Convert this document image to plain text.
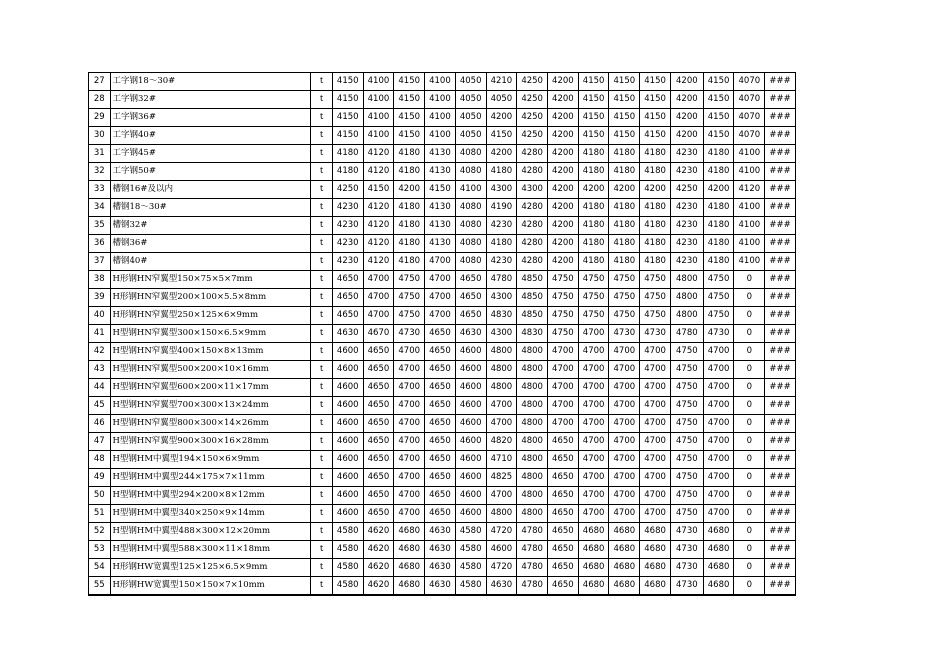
27	工字钢18～30#	t	4150	4100	4150	4100	4050	4210	4250	4200	4150	4150	4150	4200	4150	4070	###
28	工字钢32#	t	4150	4100	4150	4100	4050	4050	4250	4200	4150	4150	4150	4200	4150	4070	###
29	工字钢36#	t	4150	4100	4150	4100	4050	4200	4250	4200	4150	4150	4150	4200	4150	4070	###
30	工字钢40#	t	4150	4100	4150	4100	4050	4150	4250	4200	4150	4150	4150	4200	4150	4070	###
31	工字钢45#	t	4180	4120	4180	4130	4080	4200	4280	4200	4180	4180	4180	4230	4180	4100	###
32	工字钢50#	t	4180	4120	4180	4130	4080	4180	4280	4200	4180	4180	4180	4230	4180	4100	###
33	槽钢16#及以内	t	4250	4150	4200	4150	4100	4300	4300	4200	4200	4200	4200	4250	4200	4120	###
34	槽钢18～30#	t	4230	4120	4180	4130	4080	4190	4280	4200	4180	4180	4180	4230	4180	4100	###
35	槽钢32#	t	4230	4120	4180	4130	4080	4230	4280	4200	4180	4180	4180	4230	4180	4100	###
36	槽钢36#	t	4230	4120	4180	4130	4080	4180	4280	4200	4180	4180	4180	4230	4180	4100	###
37	槽钢40#	t	4230	4120	4180	4700	4080	4230	4280	4200	4180	4180	4180	4230	4180	4100	###
38	H形钢HN窄翼型150×75×5×7mm	t	4650	4700	4750	4700	4650	4780	4850	4750	4750	4750	4750	4800	4750	0	###
39	H形钢HN窄翼型200×100×5.5×8mm	t	4650	4700	4750	4700	4650	4300	4850	4750	4750	4750	4750	4800	4750	0	###
40	H形钢HN窄翼型250×125×6×9mm	t	4650	4700	4750	4700	4650	4830	4850	4750	4750	4750	4750	4800	4750	0	###
41	H型钢HN窄翼型300×150×6.5×9mm	t	4630	4670	4730	4650	4630	4300	4830	4750	4700	4730	4730	4780	4730	0	###
42	H型钢HN窄翼型400×150×8×13mm	t	4600	4650	4700	4650	4600	4800	4800	4700	4700	4700	4700	4750	4700	0	###
43	H型钢HN窄翼型500×200×10×16mm	t	4600	4650	4700	4650	4600	4800	4800	4700	4700	4700	4700	4750	4700	0	###
44	H型钢HN窄翼型600×200×11×17mm	t	4600	4650	4700	4650	4600	4800	4800	4700	4700	4700	4700	4750	4700	0	###
45	H型钢HN窄翼型700×300×13×24mm	t	4600	4650	4700	4650	4600	4700	4800	4700	4700	4700	4700	4750	4700	0	###
46	H型钢HN窄翼型800×300×14×26mm	t	4600	4650	4700	4650	4600	4700	4800	4700	4700	4700	4700	4750	4700	0	###
47	H型钢HN窄翼型900×300×16×28mm	t	4600	4650	4700	4650	4600	4820	4800	4650	4700	4700	4700	4750	4700	0	###
48	H型钢HM中翼型194×150×6×9mm	t	4600	4650	4700	4650	4600	4710	4800	4650	4700	4700	4700	4750	4700	0	###
49	H型钢HM中翼型244×175×7×11mm	t	4600	4650	4700	4650	4600	4825	4800	4650	4700	4700	4700	4750	4700	0	###
50	H型钢HM中翼型294×200×8×12mm	t	4600	4650	4700	4650	4600	4700	4800	4650	4700	4700	4700	4750	4700	0	###
51	H型钢HM中翼型340×250×9×14mm	t	4600	4650	4700	4650	4600	4800	4800	4650	4700	4700	4700	4750	4700	0	###
52	H型钢HM中翼型488×300×12×20mm	t	4580	4620	4680	4630	4580	4720	4780	4650	4680	4680	4680	4730	4680	0	###
53	H型钢HM中翼型588×300×11×18mm	t	4580	4620	4680	4630	4580	4600	4780	4650	4680	4680	4680	4730	4680	0	###
54	H形钢HW宽翼型125×125×6.5×9mm	t	4580	4620	4680	4630	4580	4720	4780	4650	4680	4680	4680	4730	4680	0	###
55	H形钢HW宽翼型150×150×7×10mm	t	4580	4620	4680	4630	4580	4630	4780	4650	4680	4680	4680	4730	4680	0	###
